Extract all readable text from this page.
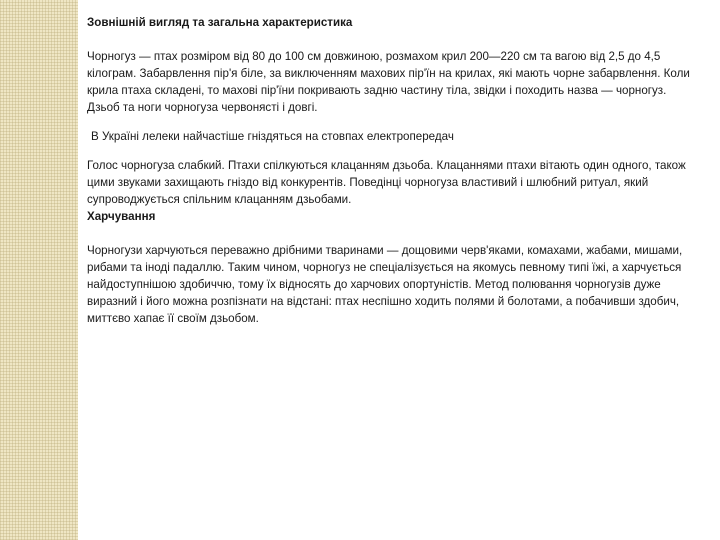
Зовнішній вигляд та загальна характеристика

Чорногуз — птах розміром від 80 до 100 см довжиною, розмахом крил 200—220 см та вагою від 2,5 до 4,5 кілограм. Забарвлення пір'я біле, за виключенням махових пір'їн на крилах, які мають чорне забарвлення. Коли крила птаха складені, то махові пір'їни покривають задню частину тіла, звідки і походить назва — чорногуз. Дзьоб та ноги чорногуза червонясті і довгі.

В Україні лелеки найчастіше гніздяться на стовпах електропередач

Голос чорногуза слабкий. Птахи спілкуються клацанням дзьоба. Клацаннями птахи вітають один одного, також цими звуками захищають гніздо від конкурентів. Поведінці чорногуза властивий і шлюбний ритуал, який супроводжується спільним клацанням дзьобами.

Харчування

Чорногузи харчуються переважно дрібними тваринами — дощовими черв'яками, комахами, жабами, мишами, рибами та іноді падаллю. Таким чином, чорногуз не спеціалізується на якомусь певному типі їжі, а харчується найдоступнішою здобиччю, тому їх відносять до харчових опортуністів. Метод полювання чорногузів дуже виразний і його можна розпізнати на відстані: птах неспішно ходить полями й болотами, а побачивши здобич, миттєво хапає її своїм дзьобом.
